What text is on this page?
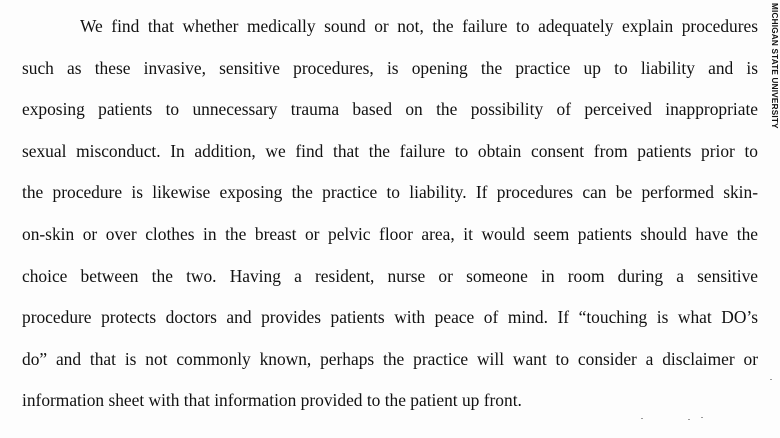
We find that whether medically sound or not, the failure to adequately explain procedures
such as these invasive, sensitive procedures, is opening the practice up to liability and is
exposing patients to unnecessary trauma based on the possibility of perceived inappropriate
sexual misconduct. In addition, we find that the failure to obtain consent from patients prior to
the procedure is likewise exposing the practice to liability. If procedures can be performed skin-
on-skin or over clothes in the breast or pelvic floor area, it would seem patients should have the
choice between the two. Having a resident, nurse or someone in room during a sensitive
procedure protects doctors and provides patients with peace of mind. If “touching is what DO’s
do” and that is not commonly known, perhaps the practice will want to consider a disclaimer or
information sheet with that information provided to the patient up front.
MICHIGAN STATE UNIVERSITY
